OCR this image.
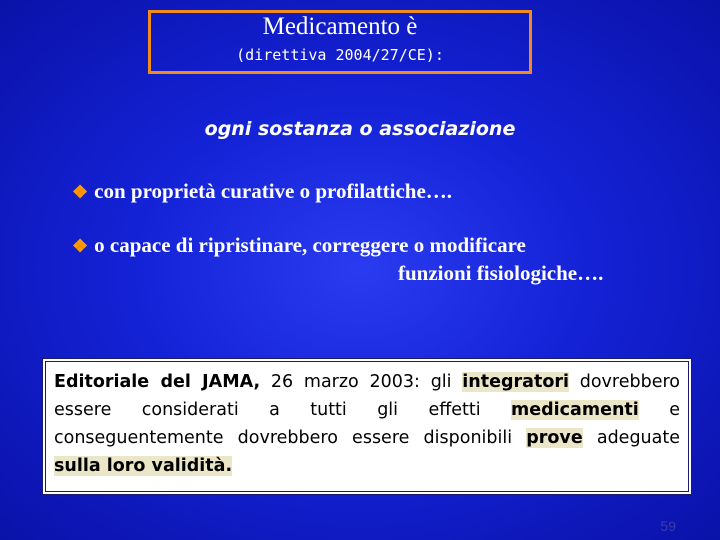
Medicamento è
(direttiva 2004/27/CE):
ogni sostanza o associazione
❖ con proprietà curative o profilattiche….
❖ o capace di ripristinare, correggere o modificare
funzioni fisiologiche….
Editoriale del JAMA, 26 marzo 2003: gli integratori dovrebbero essere considerati a tutti gli effetti medicamenti e conseguentemente dovrebbero essere disponibili prove adeguate sulla loro validità.
59
